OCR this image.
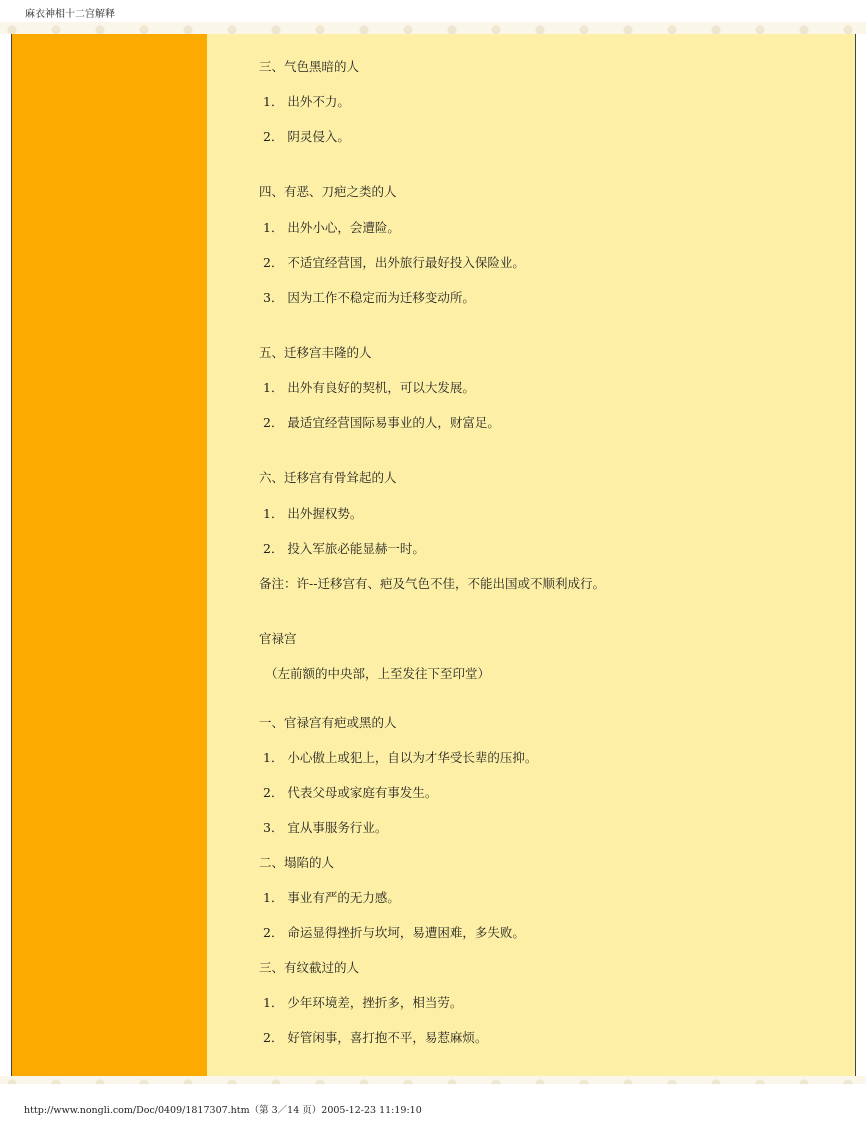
麻衣神相十二宫解释
三、气色黑暗的人
1． 出外不力。
2． 阴灵侵入。
四、有恶、刀疤之类的人
1． 出外小心，会遭险。
2． 不适宜经营国，出外旅行最好投入保险业。
3． 因为工作不稳定而为迁移变动所。
五、迁移宫丰隆的人
1． 出外有良好的契机，可以大发展。
2． 最适宜经营国际易事业的人，财富足。
六、迁移宫有骨耸起的人
1． 出外握权势。
2． 投入军旅必能显赫一时。
备注：许--迁移宫有、疤及气色不佳，不能出国或不顺利成行。
官禄宫
（左前额的中央部，上至发往下至印堂）
一、官禄宫有疤或黑的人
1． 小心傲上或犯上，自以为才华受长辈的压抑。
2． 代表父母或家庭有事发生。
3． 宜从事服务行业。
二、塌陷的人
1． 事业有严的无力感。
2． 命运显得挫折与坎坷，易遭困难，多失败。
三、有纹截过的人
1． 少年环境差，挫折多，相当劳。
2． 好管闲事，喜打抱不平，易惹麻烦。
http://www.nongli.com/Doc/0409/1817307.htm（第 3／14 页）2005-12-23 11:19:10
